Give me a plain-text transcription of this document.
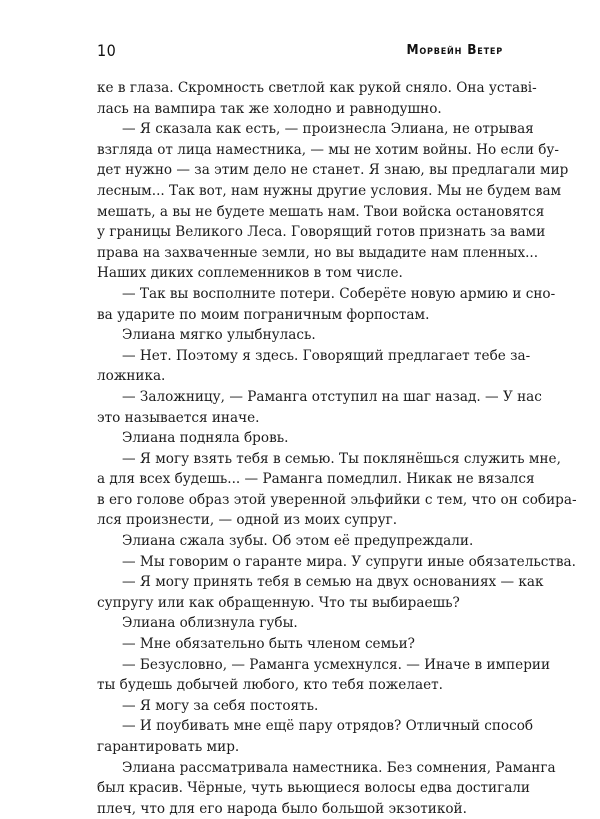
10	Морвейн Ветер
ке в глаза. Скромность светлой как рукой сняло. Она уставі-
лась на вампира так же холодно и равнодушно.
— Я сказала как есть, — произнесла Элиана, не отрывая
взгляда от лица наместника, — мы не хотим войны. Но если бу-
дет нужно — за этим дело не станет. Я знаю, вы предлагали мир
лесным... Так вот, нам нужны другие условия. Мы не будем вам
мешать, а вы не будете мешать нам. Твои войска остановятся
у границы Великого Леса. Говорящий готов признать за вами
права на захваченные земли, но вы выдадите нам пленных...
Наших диких соплеменников в том числе.
— Так вы восполните потери. Соберёте новую армию и сно-
ва ударите по моим пограничным форпостам.
Элиана мягко улыбнулась.
— Нет. Поэтому я здесь. Говорящий предлагает тебе за-
ложника.
— Заложницу, — Раманга отступил на шаг назад. — У нас
это называется иначе.
Элиана подняла бровь.
— Я могу взять тебя в семью. Ты поклянёшься служить мне,
а для всех будешь... — Раманга помедлил. Никак не вязался
в его голове образ этой уверенной эльфийки с тем, что он собира-
лся произнести, — одной из моих супруг.
Элиана сжала зубы. Об этом её предупреждали.
— Мы говорим о гаранте мира. У супруги иные обязательства.
— Я могу принять тебя в семью на двух основаниях — как
супругу или как обращенную. Что ты выбираешь?
Элиана облизнула губы.
— Мне обязательно быть членом семьи?
— Безусловно, — Раманга усмехнулся. — Иначе в империи
ты будешь добычей любого, кто тебя пожелает.
— Я могу за себя постоять.
— И поубивать мне ещё пару отрядов? Отличный способ
гарантировать мир.
Элиана рассматривала наместника. Без сомнения, Раманга
был красив. Чёрные, чуть вьющиеся волосы едва достигали
плеч, что для его народа было большой экзотикой.
